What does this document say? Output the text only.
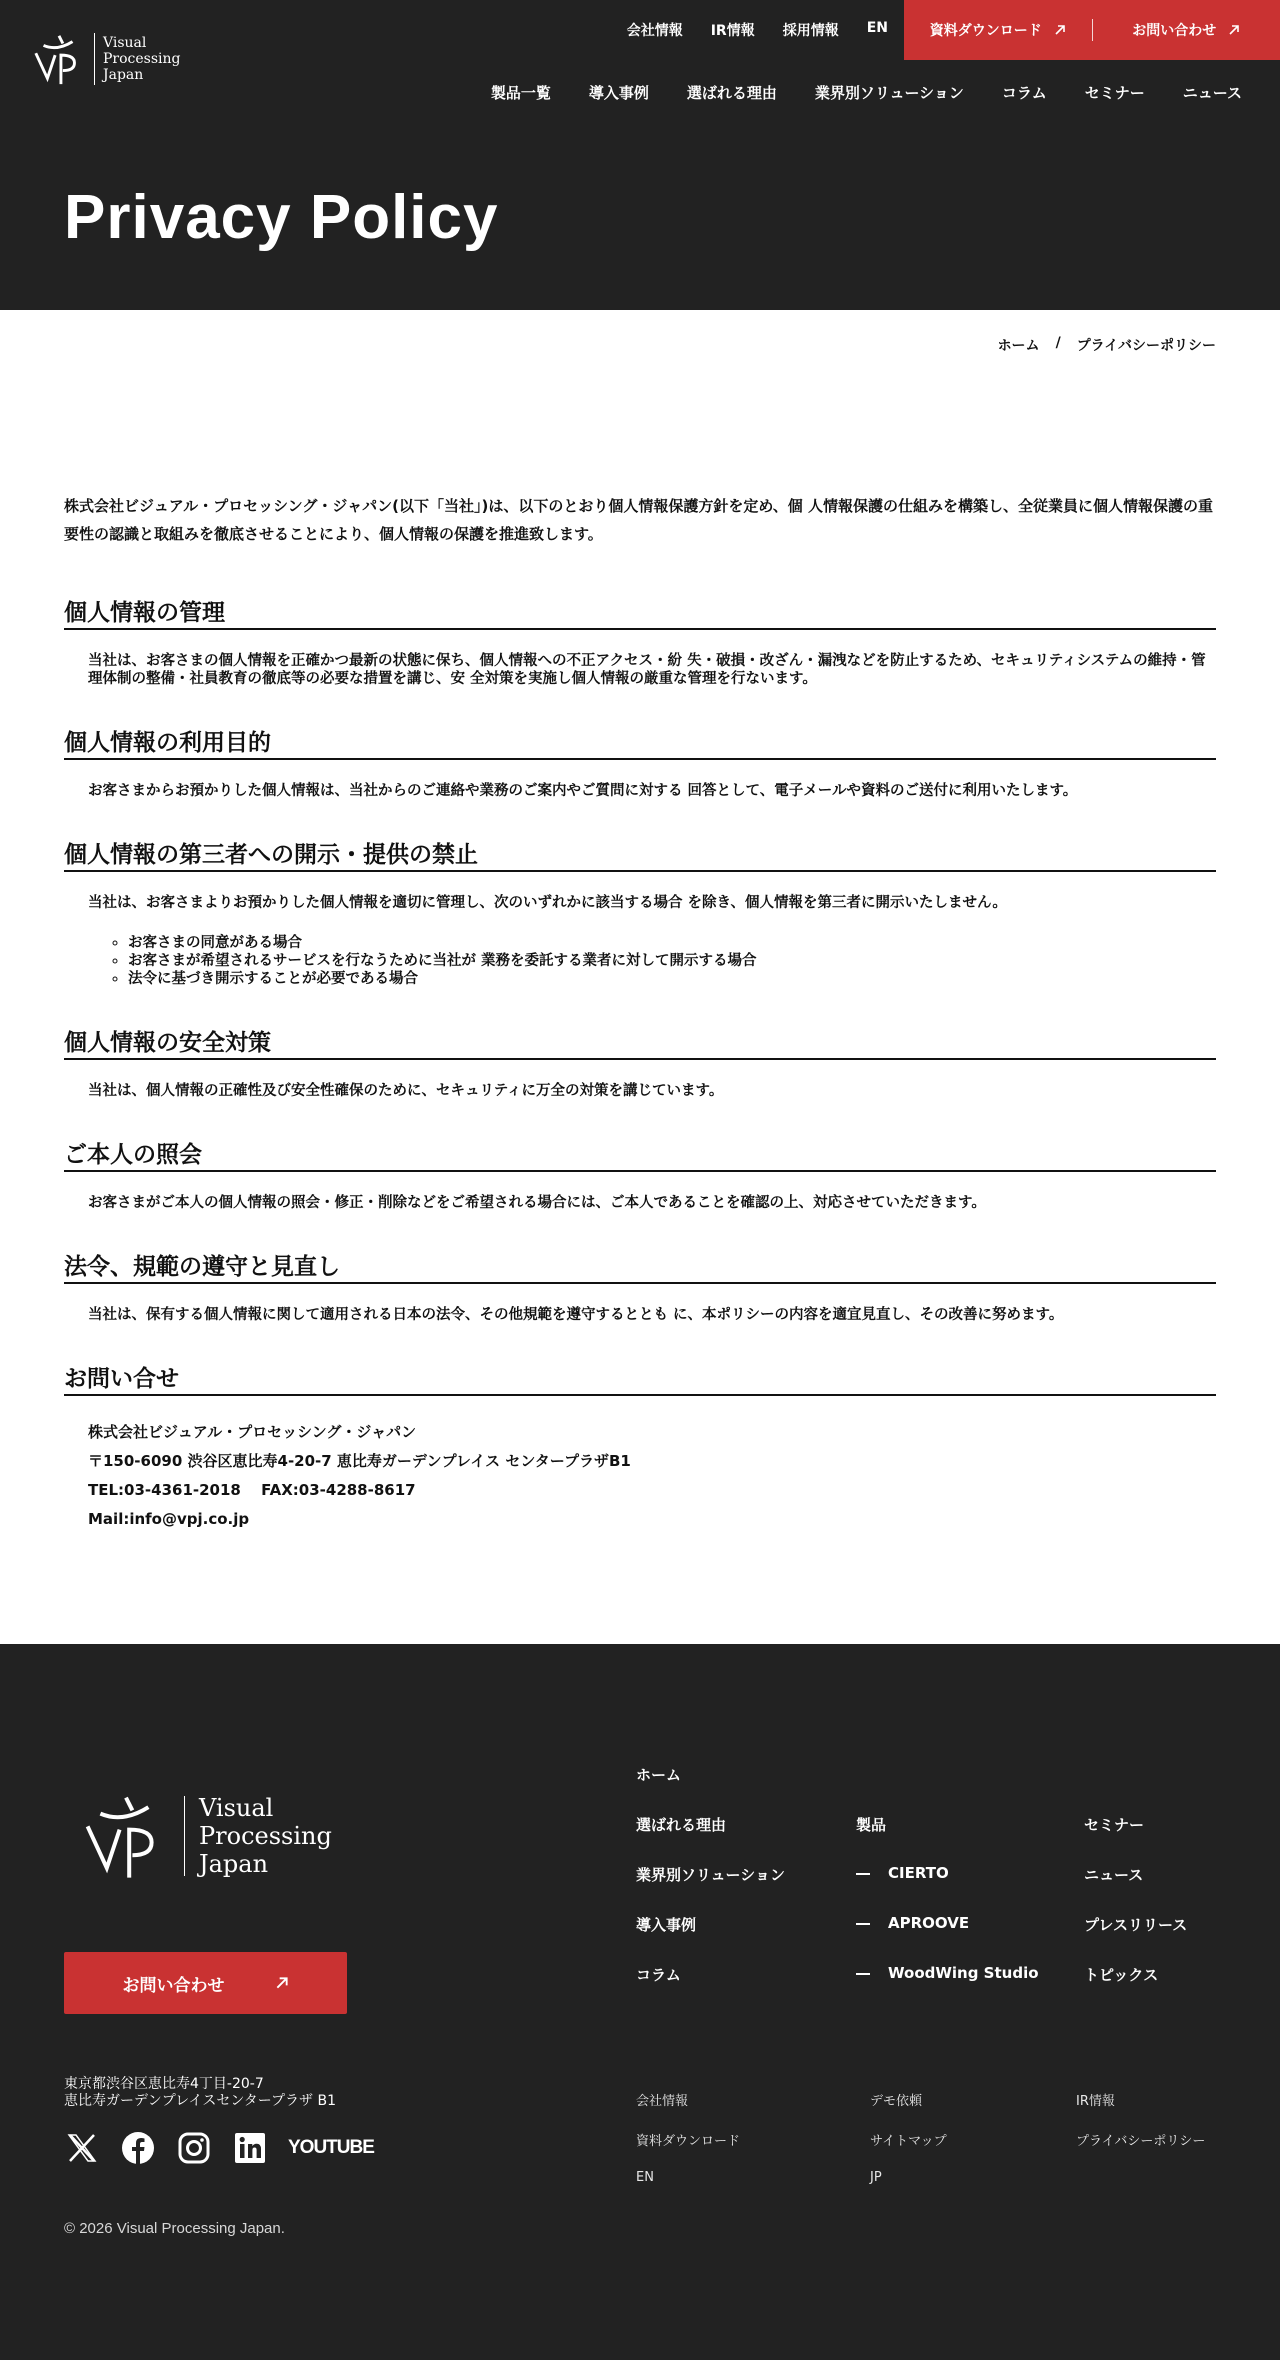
Visual
Processing
Japan
会社情報 IR情報 採用情報 EN	資料ダウンロード	お問い合わせ
製品一覧	導入事例	選ばれる理由	業界別ソリューション	コラム	セミナー	ニュース
Privacy Policy
ホーム / プライバシーポリシー

株式会社ビジュアル・プロセッシング・ジャパン(以下「当社」)は、以下のとおり個人情報保護方針を定め、個 人情報保護の仕組みを構築し、全従業員に個人情報保護の重要性の認識と取組みを徹底させることにより、個人情報の保護を推進致します。

個人情報の管理

当社は、お客さまの個人情報を正確かつ最新の状態に保ち、個人情報への不正アクセス・紛 失・破損・改ざん・漏洩などを防止するため、セキュリティシステムの維持・管理体制の整備・社員教育の徹底等の必要な措置を講じ、安 全対策を実施し個人情報の厳重な管理を行ないます。

個人情報の利用目的

お客さまからお預かりした個人情報は、当社からのご連絡や業務のご案内やご質問に対する 回答として、電子メールや資料のご送付に利用いたします。

個人情報の第三者への開示・提供の禁止

当社は、お客さまよりお預かりした個人情報を適切に管理し、次のいずれかに該当する場合 を除き、個人情報を第三者に開示いたしません。

◦ お客さまの同意がある場合
◦ お客さまが希望されるサービスを行なうために当社が 業務を委託する業者に対して開示する場合
◦ 法令に基づき開示することが必要である場合
個人情報の安全対策

当社は、個人情報の正確性及び安全性確保のために、セキュリティに万全の対策を講じています。

ご本人の照会

お客さまがご本人の個人情報の照会・修正・削除などをご希望される場合には、ご本人であることを確認の上、対応させていただきます。

法令、規範の遵守と見直し

当社は、保有する個人情報に関して適用される日本の法令、その他規範を遵守するととも に、本ポリシーの内容を適宜見直し、その改善に努めます。

お問い合せ
株式会社ビジュアル・プロセッシング・ジャパン
〒150-6090 渋谷区恵比寿4-20-7 恵比寿ガーデンプレイス センタープラザB1
TEL:03-4361-2018　 FAX:03-4288-8617
Mail:info@vpj.co.jp
Visual
Processing
Japan
お問い合わせ
東京都渋谷区恵比寿4丁目-20-7
恵比寿ガーデンプレイスセンタープラザ B1
YOUTUBE
© 2026 Visual Processing Japan.
ホーム
選ばれる理由
業界別ソリューション
導入事例
コラム
製品
CIERTO
APROOVE
WoodWing Studio
セミナー
ニュース
プレスリリース
トピックス
会社情報	デモ依頼	IR情報
資料ダウンロード	サイトマップ	プライバシーポリシー
EN	JP
